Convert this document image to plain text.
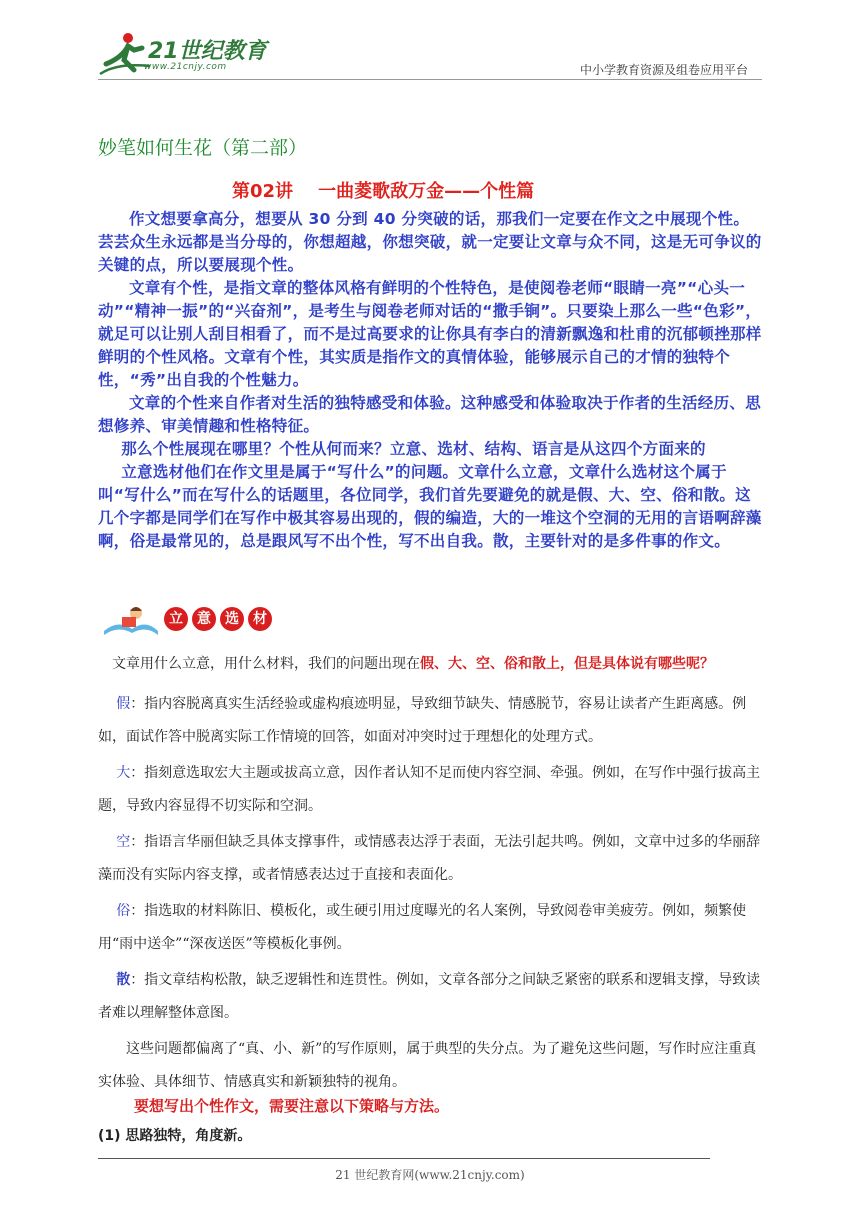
21世纪教育
www.21cnjy.com	中小学教育资源及组卷应用平台
妙笔如何生花（第二部）
第02讲    一曲菱歌敌万金——个性篇

作文想要拿高分，想要从 30 分到 40 分突破的话，那我们一定要在作文之中展现个性。芸芸众生永远都是当分母的，你想超越，你想突破，就一定要让文章与众不同，这是无可争议的关键的点，所以要展现个性。

文章有个性，是指文章的整体风格有鲜明的个性特色，是使阅卷老师“眼睛一亮”“心头一动”“精神一振”的“兴奋剂”，是考生与阅卷老师对话的“撒手锏”。只要染上那么一些“色彩”，就足可以让别人刮目相看了，而不是过高要求的让你具有李白的清新飘逸和杜甫的沉郁顿挫那样鲜明的个性风格。文章有个性，其实质是指作文的真情体验，能够展示自己的才情的独特个性，“秀”出自我的个性魅力。

文章的个性来自作者对生活的独特感受和体验。这种感受和体验取决于作者的生活经历、思想修养、审美情趣和性格特征。

那么个性展现在哪里？个性从何而来？立意、选材、结构、语言是从这四个方面来的

立意选材他们在作文里是属于“写什么”的问题。文章什么立意，文章什么选材这个属于叫“写什么”而在写什么的话题里，各位同学，我们首先要避免的就是假、大、空、俗和散。这几个字都是同学们在写作中极其容易出现的，假的编造，大的一堆这个空洞的无用的言语啊辞藻啊，俗是最常见的，总是跟风写不出个性，写不出自我。散，主要针对的是多件事的作文。

立	意	选	材

文章用什么立意，用什么材料，我们的问题出现在假、大、空、俗和散上，但是具体说有哪些呢？

假：指内容脱离真实生活经验或虚构痕迹明显，导致细节缺失、情感脱节，容易让读者产生距离感。例如，面试作答中脱离实际工作情境的回答，如面对冲突时过于理想化的处理方式。

大：指刻意选取宏大主题或拔高立意，因作者认知不足而使内容空洞、牵强。例如，在写作中强行拔高主题，导致内容显得不切实际和空洞。

空：指语言华丽但缺乏具体支撑事件，或情感表达浮于表面，无法引起共鸣。例如，文章中过多的华丽辞藻而没有实际内容支撑，或者情感表达过于直接和表面化。

俗：指选取的材料陈旧、模板化，或生硬引用过度曝光的名人案例，导致阅卷审美疲劳。例如，频繁使用“雨中送伞”“深夜送医”等模板化事例。

散：指文章结构松散，缺乏逻辑性和连贯性。例如，文章各部分之间缺乏紧密的联系和逻辑支撑，导致读者难以理解整体意图。

这些问题都偏离了“真、小、新”的写作原则，属于典型的失分点。为了避免这些问题，写作时应注重真实体验、具体细节、情感真实和新颖独特的视角。

要想写出个性作文，需要注意以下策略与方法。
(1) 思路独特，角度新。
21 世纪教育网(www.21cnjy.com)
